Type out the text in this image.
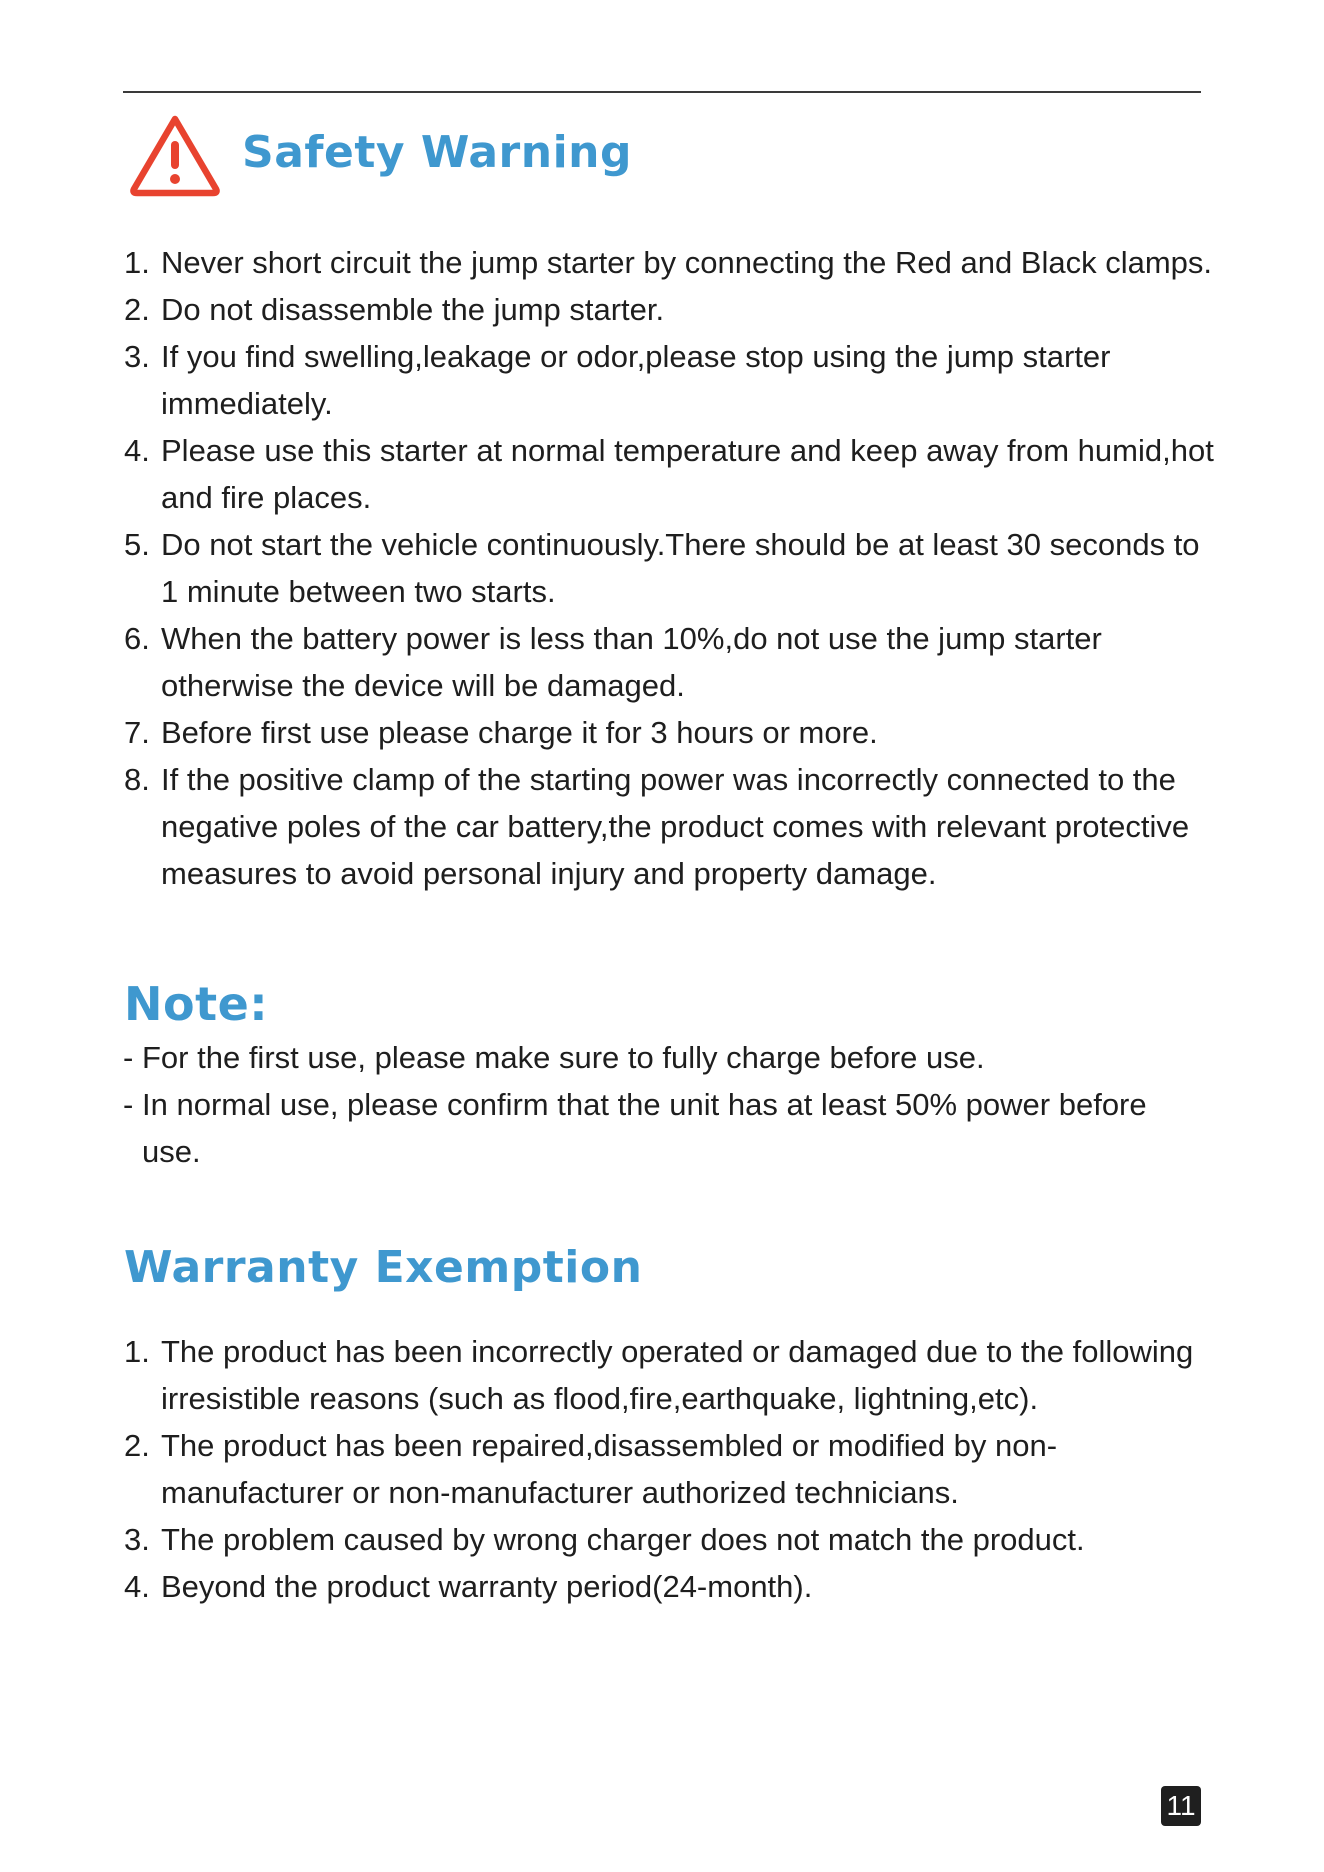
Safety Warning
1. Never short circuit the jump starter by connecting the Red and Black clamps.
2. Do not disassemble the jump starter.
3. If you find swelling,leakage or odor,please stop using the jump starter immediately.
4. Please use this starter at normal temperature and keep away from humid,hot and fire places.
5. Do not start the vehicle continuously.There should be at least 30 seconds to 1 minute between two starts.
6. When the battery power is less than 10%,do not use the jump starter otherwise the device will be damaged.
7. Before first use please charge it for 3 hours or more.
8. If the positive clamp of the starting power was incorrectly connected to the negative poles of the car battery,the product comes with relevant protective measures to avoid personal injury and property damage.
Note:
- For the first use, please make sure to fully charge before use.
- In normal use, please confirm that the unit has at least 50% power before use.
Warranty Exemption
1. The product has been incorrectly operated or damaged due to the following irresistible reasons (such as flood,fire,earthquake, lightning,etc).
2. The product has been repaired,disassembled or modified by non-manufacturer or non-manufacturer authorized technicians.
3. The problem caused by wrong charger does not match the product.
4. Beyond the product warranty period(24-month).
11
